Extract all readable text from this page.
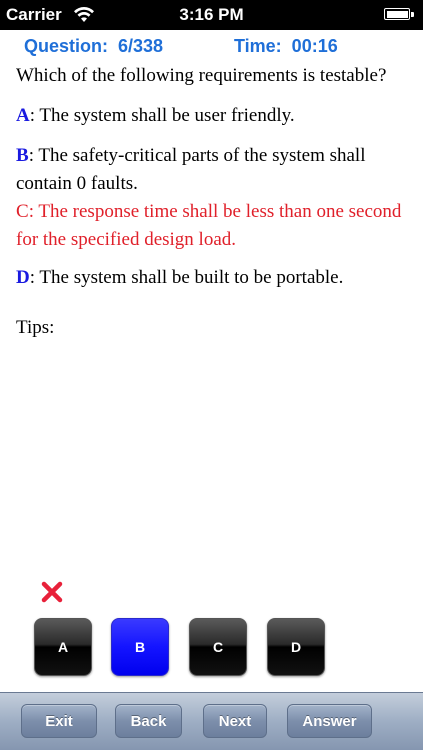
Carrier	3:16 PM
Question:  6/338	Time:  00:16

Which of the following requirements is testable?

A: The system shall be user friendly.

B: The safety-critical parts of the system shall contain 0 faults.

C: The response time shall be less than one second for the specified design load.

D: The system shall be built to be portable.

Tips:

A	B	C	D
Exit	Back	Next	Answer
